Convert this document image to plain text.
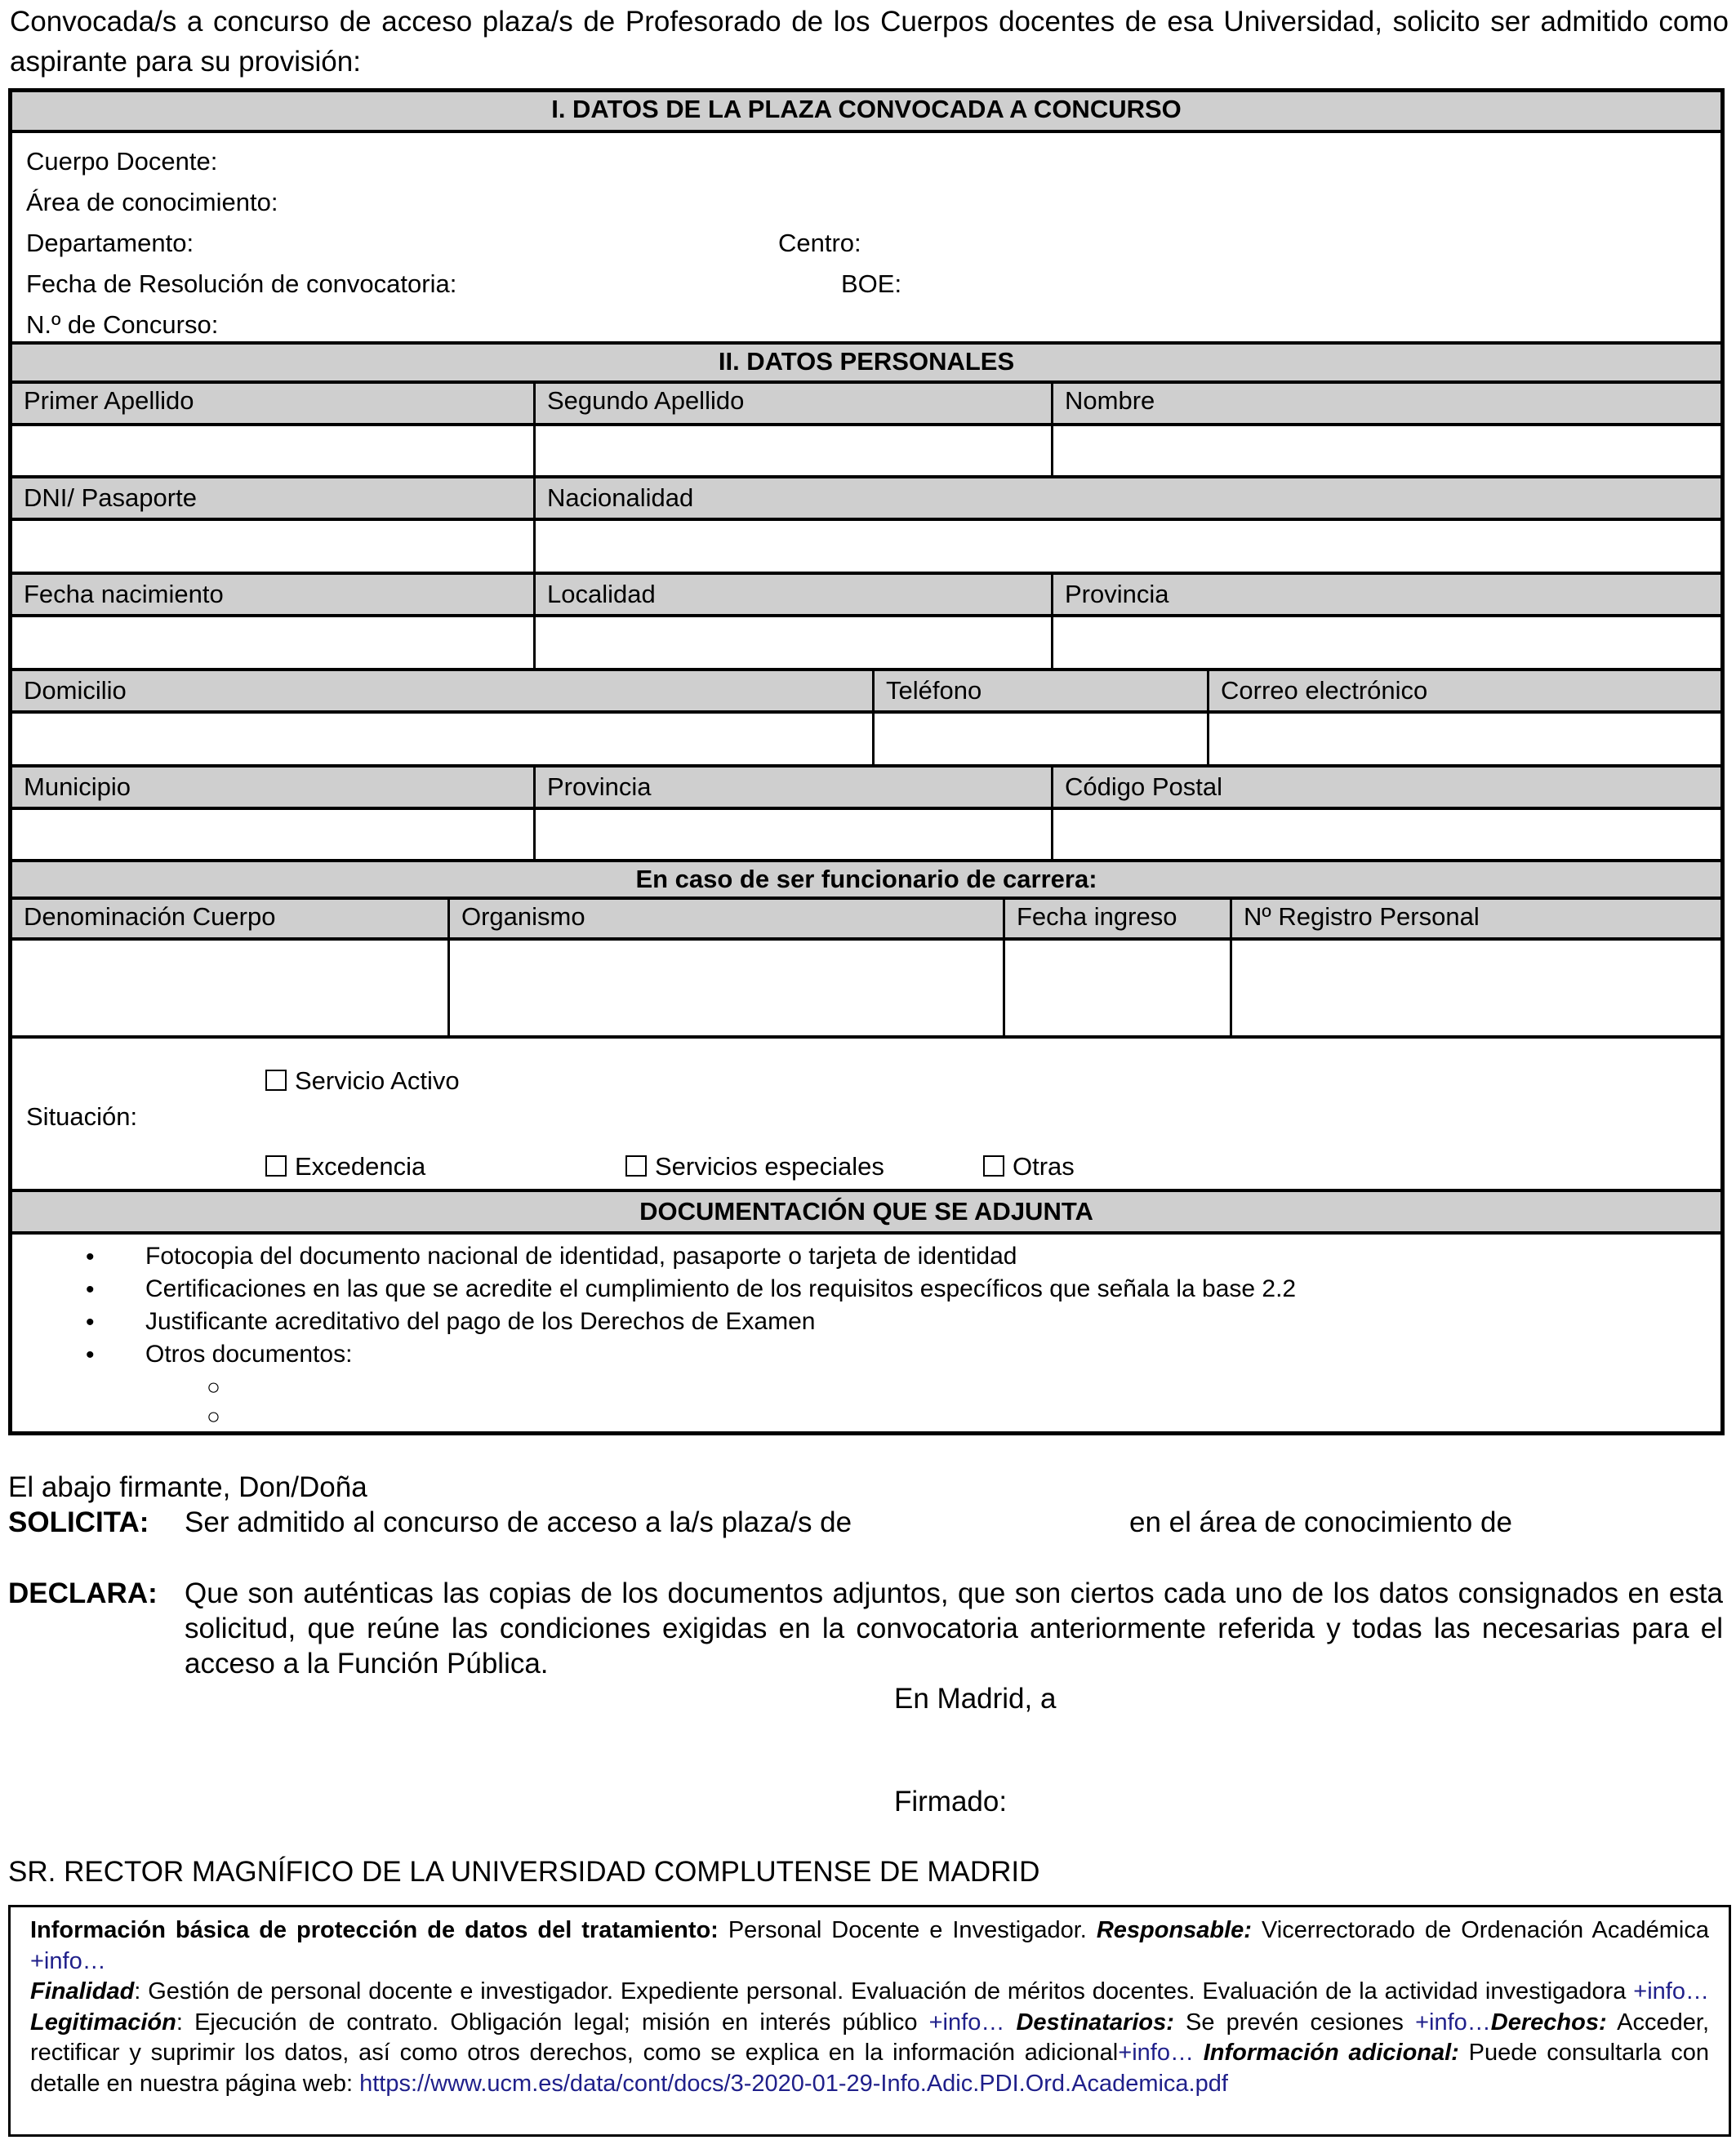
Convocada/s a concurso de acceso plaza/s de Profesorado de los Cuerpos docentes de esa Universidad, solicito ser admitido como aspirante para su provisión:

I. DATOS DE LA PLAZA CONVOCADA A CONCURSO
Cuerpo Docente:
Área de conocimiento:
Departamento:	Centro:
Fecha de Resolución de convocatoria:	BOE:
N.º de Concurso:
II. DATOS PERSONALES
Primer Apellido	Segundo Apellido	Nombre
DNI/ Pasaporte	Nacionalidad
Fecha nacimiento	Localidad	Provincia
Domicilio	Teléfono	Correo electrónico
Municipio	Provincia	Código Postal
En caso de ser funcionario de carrera:
Denominación Cuerpo	Organismo	Fecha ingreso	Nº Registro Personal
Situación:
Servicio Activo
Excedencia	Servicios especiales	Otras
DOCUMENTACIÓN QUE SE ADJUNTA
• Fotocopia del documento nacional de identidad, pasaporte o tarjeta de identidad
• Certificaciones en las que se acredite el cumplimiento de los requisitos específicos que señala la base 2.2
• Justificante acreditativo del pago de los Derechos de Examen
• Otros documentos:
○
○
El abajo firmante, Don/Doña
SOLICITA: Ser admitido al concurso de acceso a la/s plaza/s de	en el área de conocimiento de
DECLARA: Que son auténticas las copias de los documentos adjuntos, que son ciertos cada uno de los datos consignados en esta solicitud, que reúne las condiciones exigidas en la convocatoria anteriormente referida y todas las necesarias para el acceso a la Función Pública.

En Madrid, a
Firmado:
SR. RECTOR MAGNÍFICO DE LA UNIVERSIDAD COMPLUTENSE DE MADRID

Información básica de protección de datos del tratamiento: Personal Docente e Investigador. Responsable: Vicerrectorado de Ordenación Académica +info…
Finalidad: Gestión de personal docente e investigador. Expediente personal. Evaluación de méritos docentes. Evaluación de la actividad investigadora +info… Legitimación: Ejecución de contrato. Obligación legal; misión en interés público +info… Destinatarios: Se prevén cesiones +info…Derechos: Acceder, rectificar y suprimir los datos, así como otros derechos, como se explica en la información adicional+info… Información adicional: Puede consultarla con detalle en nuestra página web: https://www.ucm.es/data/cont/docs/3-2020-01-29-Info.Adic.PDI.Ord.Academica.pdf
